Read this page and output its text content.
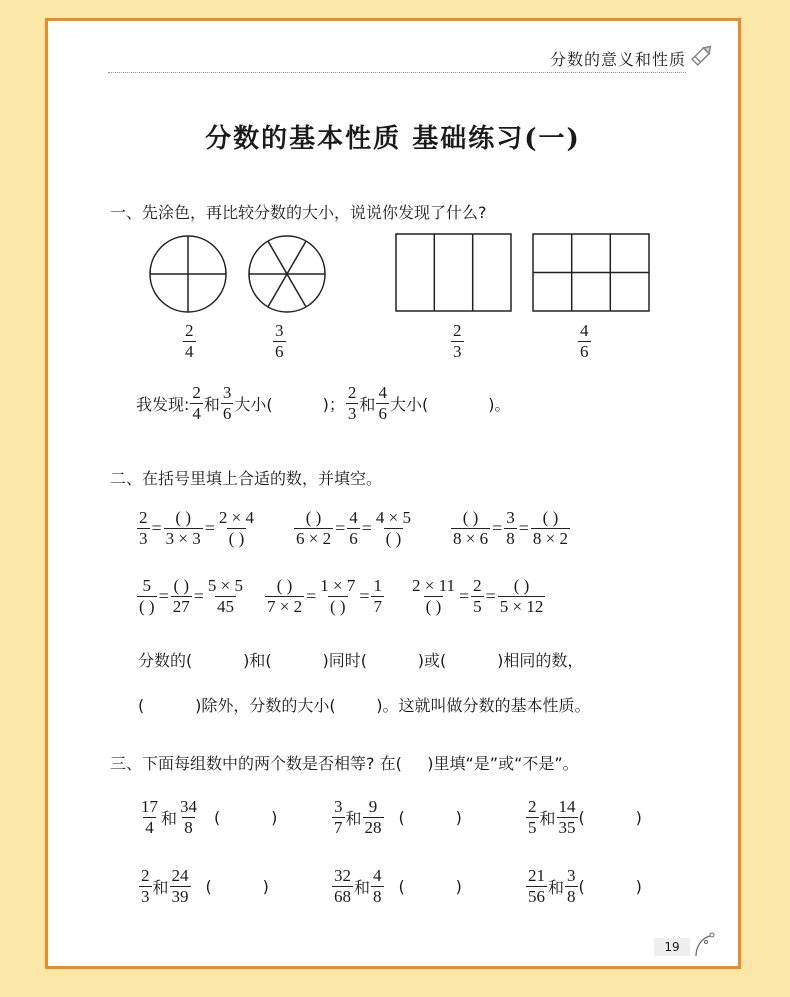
分数的意义和性质
分数的基本性质 基础练习(一)
一、先涂色，再比较分数的大小，说说你发现了什么?
$\frac{2}{4}$	$\frac{3}{6}$	$\frac{2}{3}$	$\frac{4}{6}$
我发现: $\frac{2}{4}$ 和 $\frac{3}{6}$ 大小(	)； $\frac{2}{3}$ 和 $\frac{4}{6}$ 大小(	)。
二、在括号里填上合适的数，并填空。
$\frac{2}{3} = \frac{( )}{3 \times 3} = \frac{2 \times 4}{( )} \frac{( )}{6 \times 2} = \frac{4}{6} = \frac{4 \times 5}{( )} \frac{( )}{8 \times 6} = \frac{3}{8} = \frac{( )}{8 \times 2}$
$\frac{5}{( )} = \frac{( )}{27} = \frac{5 \times 5}{45} \frac{( )}{7 \times 2} = \frac{1 \times 7}{( )} = \frac{1}{7} \frac{2 \times 11}{( )} = \frac{2}{5} = \frac{( )}{5 \times 12}$
分数的(          )和(          )同时(          )或(          )相同的数，
(          )除外，分数的大小(        )。这就叫做分数的基本性质。
三、下面每组数中的两个数是否相等? 在(     )里填“是”或“不是”。
$\frac{17}{4}$ 和 $\frac{34}{8}$ (          )	$\frac{3}{7}$ 和 $\frac{9}{28}$ (          )	$\frac{2}{5}$ 和 $\frac{14}{35}$ (          )
$\frac{2}{3}$ 和 $\frac{24}{39}$ (          )	$\frac{32}{68}$ 和 $\frac{4}{8}$ (          )	$\frac{21}{56}$ 和 $\frac{3}{8}$ (          )
19
